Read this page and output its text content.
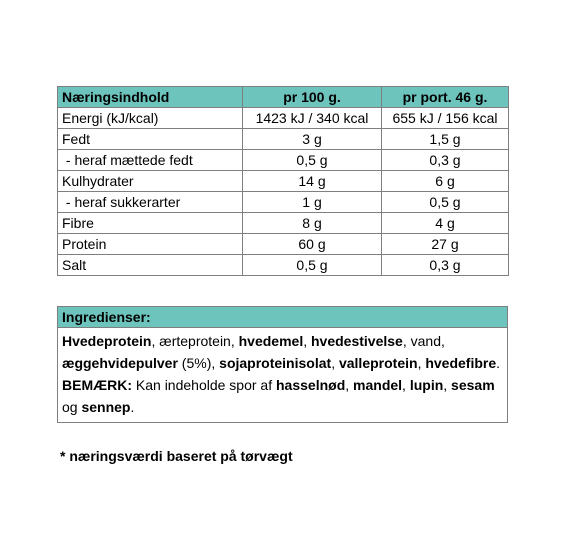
Næringsindhold	pr 100 g.	pr port. 46 g.
Energi (kJ/kcal)	1423 kJ / 340 kcal	655 kJ / 156 kcal
Fedt	3 g	1,5 g
- heraf mættede fedt	0,5 g	0,3 g
Kulhydrater	14 g	6 g
- heraf sukkerarter	1 g	0,5 g
Fibre	8 g	4 g
Protein	60 g	27 g
Salt	0,5 g	0,3 g
Ingredienser:
Hvedeprotein, ærteprotein, hvedemel, hvedestivelse, vand, æggehvidepulver (5%), sojaproteinisolat, valleprotein, hvedefibre.
BEMÆRK: Kan indeholde spor af hasselnød, mandel, lupin, sesam og sennep.
* næringsværdi baseret på tørvægt
